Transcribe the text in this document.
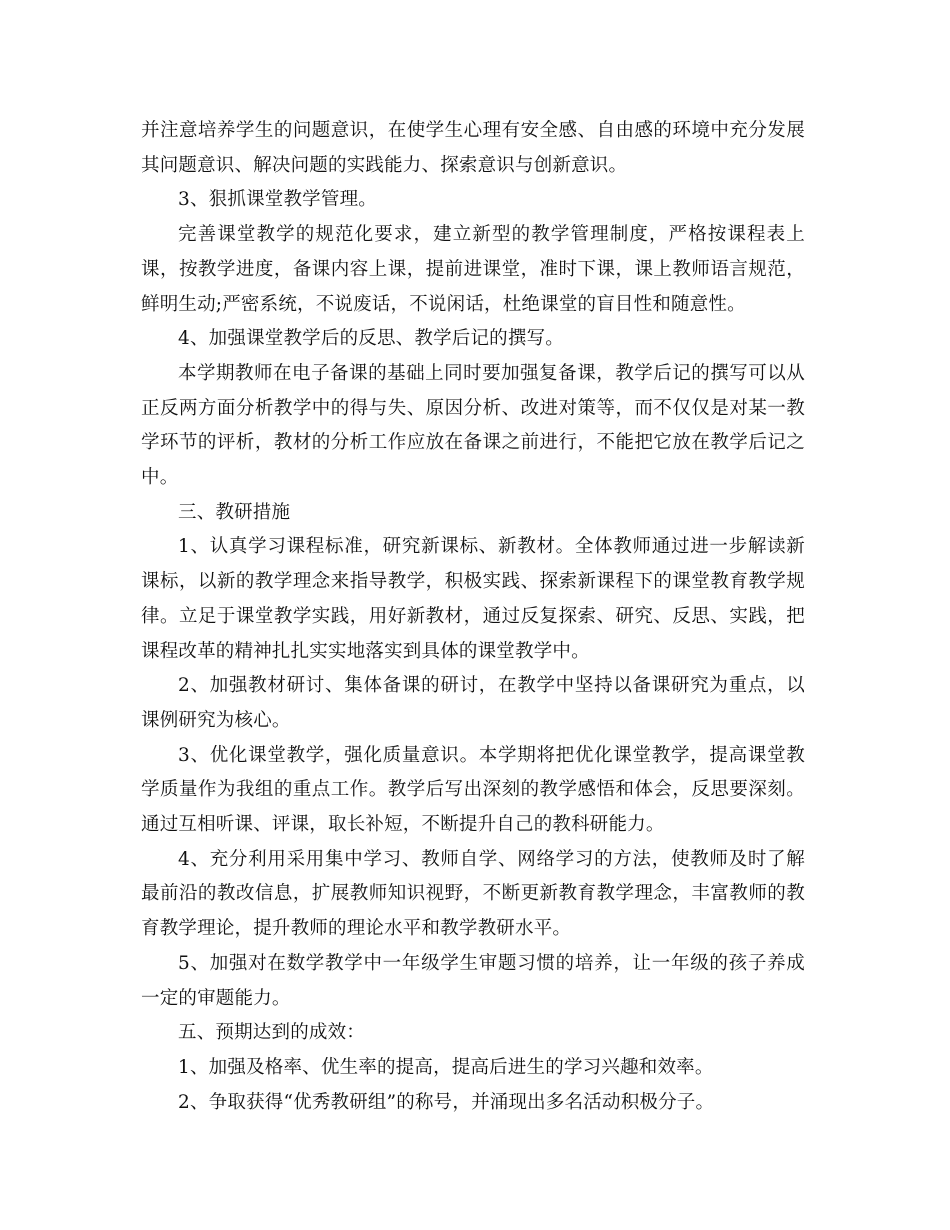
并注意培养学生的问题意识，在使学生心理有安全感、自由感的环境中充分发展其问题意识、解决问题的实践能力、探索意识与创新意识。

3、狠抓课堂教学管理。

完善课堂教学的规范化要求，建立新型的教学管理制度，严格按课程表上课，按教学进度，备课内容上课，提前进课堂，准时下课，课上教师语言规范，鲜明生动;严密系统，不说废话，不说闲话，杜绝课堂的盲目性和随意性。

4、加强课堂教学后的反思、教学后记的撰写。

本学期教师在电子备课的基础上同时要加强复备课，教学后记的撰写可以从正反两方面分析教学中的得与失、原因分析、改进对策等，而不仅仅是对某一教学环节的评析，教材的分析工作应放在备课之前进行，不能把它放在教学后记之中。

三、教研措施

1、认真学习课程标准，研究新课标、新教材。全体教师通过进一步解读新课标，以新的教学理念来指导教学，积极实践、探索新课程下的课堂教育教学规律。立足于课堂教学实践，用好新教材，通过反复探索、研究、反思、实践，把课程改革的精神扎扎实实地落实到具体的课堂教学中。

2、加强教材研讨、集体备课的研讨，在教学中坚持以备课研究为重点，以课例研究为核心。

3、优化课堂教学，强化质量意识。本学期将把优化课堂教学，提高课堂教学质量作为我组的重点工作。教学后写出深刻的教学感悟和体会，反思要深刻。通过互相听课、评课，取长补短，不断提升自己的教科研能力。

4、充分利用采用集中学习、教师自学、网络学习的方法，使教师及时了解最前沿的教改信息，扩展教师知识视野，不断更新教育教学理念，丰富教师的教育教学理论，提升教师的理论水平和教学教研水平。

5、加强对在数学教学中一年级学生审题习惯的培养，让一年级的孩子养成一定的审题能力。

五、预期达到的成效：

1、加强及格率、优生率的提高，提高后进生的学习兴趣和效率。

2、争取获得“优秀教研组”的称号，并涌现出多名活动积极分子。
